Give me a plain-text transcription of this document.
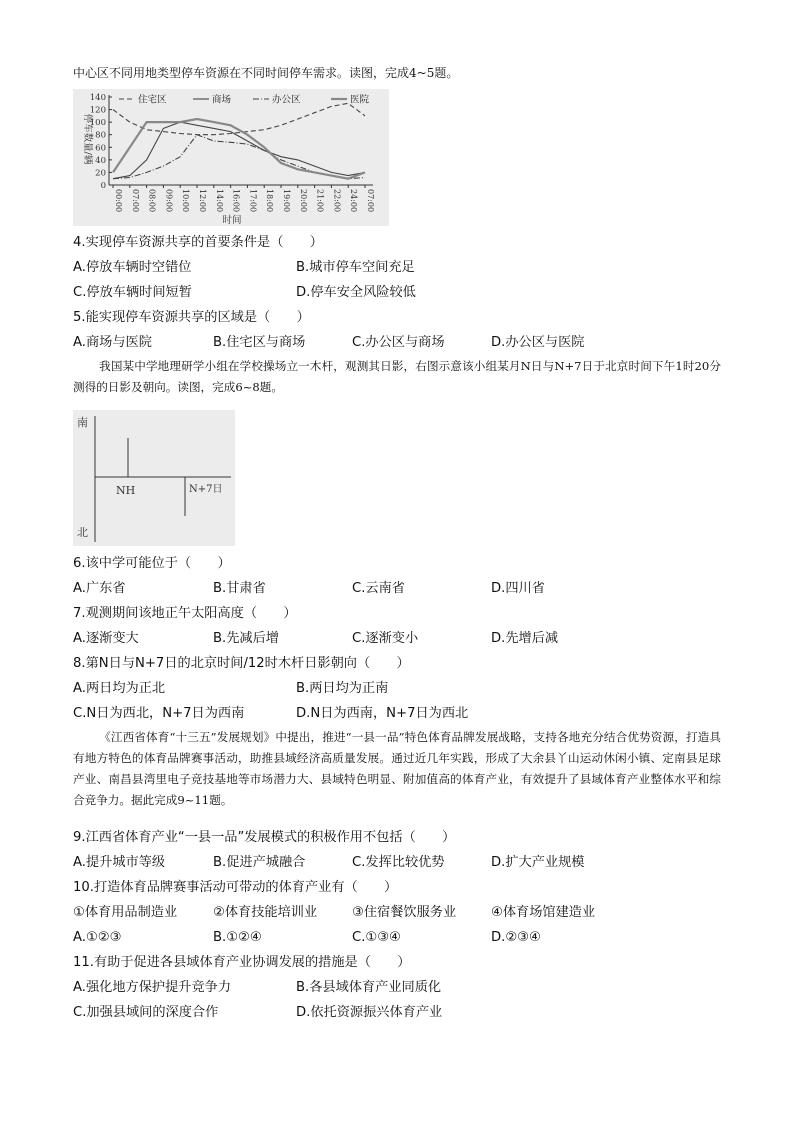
中心区不同用地类型停车资源在不同时间停车需求。读图，完成4~5题。
停车数量/辆
时间
0
20
40
60
80
100
120
140
00:00 07:00 08:00 09:00 10:00 12:00 14:00 16:00 17:00 18:00 19:00 20:00 21:00 22:00 24:00 07:00
住宅区	商场	办公区	医院
4.实现停车资源共享的首要条件是（　　）
A.停放车辆时空错位	B.城市停车空间充足
C.停放车辆时间短暂	D.停车安全风险较低
5.能实现停车资源共享的区域是（　　）
A.商场与医院	B.住宅区与商场	C.办公区与商场	D.办公区与医院
我国某中学地理研学小组在学校操场立一木杆，观测其日影，右图示意该小组某月N日与N+7日于北京时间下午1时20分测得的日影及朝向。读图，完成6~8题。
南
北
NH	N+7日
6.该中学可能位于（　　）
A.广东省	B.甘肃省	C.云南省	D.四川省
7.观测期间该地正午太阳高度（　　）
A.逐渐变大	B.先减后增	C.逐渐变小	D.先增后减
8.第N日与N+7日的北京时间/12时木杆日影朝向（　　）
A.两日均为正北	B.两日均为正南
C.N日为西北，N+7日为西南	D.N日为西南，N+7日为西北
《江西省体育“十三五”发展规划》中提出，推进“一县一品”特色体育品牌发展战略，支持各地充分结合优势资源，打造具有地方特色的体育品牌赛事活动，助推县域经济高质量发展。通过近几年实践，形成了大余县丫山运动休闲小镇、定南县足球产业、南昌县湾里电子竞技基地等市场潜力大、县域特色明显、附加值高的体育产业，有效提升了县域体育产业整体水平和综合竞争力。据此完成9~11题。
9.江西省体育产业“一县一品”发展模式的积极作用不包括（　　）
A.提升城市等级	B.促进产城融合	C.发挥比较优势	D.扩大产业规模
10.打造体育品牌赛事活动可带动的体育产业有（　　）
①体育用品制造业	②体育技能培训业	③住宿餐饮服务业	④体育场馆建造业
A.①②③	B.①②④	C.①③④	D.②③④
11.有助于促进各县域体育产业协调发展的措施是（　　）
A.强化地方保护提升竞争力	B.各县域体育产业同质化
C.加强县域间的深度合作	D.依托资源振兴体育产业
